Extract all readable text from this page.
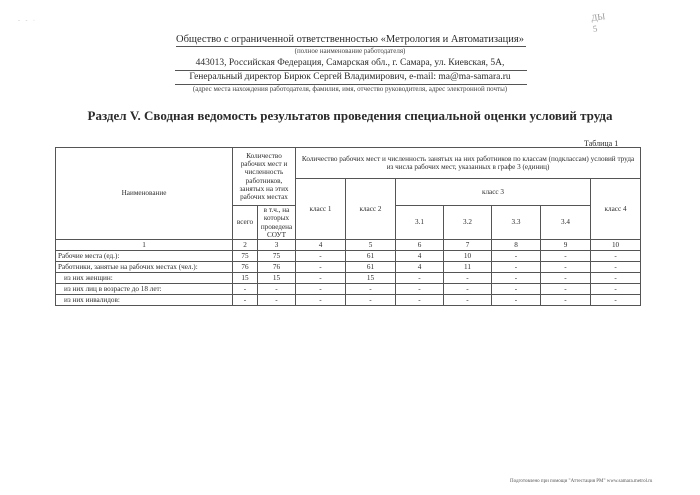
- - ·	ДЫ
5
Общество с ограниченной ответственностью «Метрология и Автоматизация»
(полное наименование работодателя)
443013, Российская Федерация, Самарская обл., г. Самара, ул. Киевская, 5А,
Генеральный директор Бирюк Сергей Владимирович, e-mail: ma@ma-samara.ru
(адрес места нахождения работодателя, фамилия, имя, отчество руководителя, адрес электронной почты)
Раздел V. Сводная ведомость результатов проведения специальной оценки условий труда
Таблица 1
Наименование	Количество рабочих мест и численность работников, занятых на этих рабочих местах		Количество рабочих мест и численность занятых на них работников по классам (подклассам) условий труда из числа рабочих мест, указанных в графе 3 (единиц)						
			класс 1	класс 2	класс 3				класс 4
	всего	в т.ч., на которых проведена СОУТ			3.1	3.2	3.3	3.4	
1	2	3	4	5	6	7	8	9	10
Рабочие места (ед.):	75	75	-	61	4	10	-	-	-
Работники, занятые на рабочих местах (чел.):	76	76	-	61	4	11	-	-	-
из них женщин:	15	15	-	15	-	-	-	-	-
из них лиц в возрасте до 18 лет:	-	-	-	-	-	-	-	-	-
из них инвалидов:	-	-	-	-	-	-	-	-	-
Подготовлено при помощи "Аттестация РМ" www.samara.metrol.ru
